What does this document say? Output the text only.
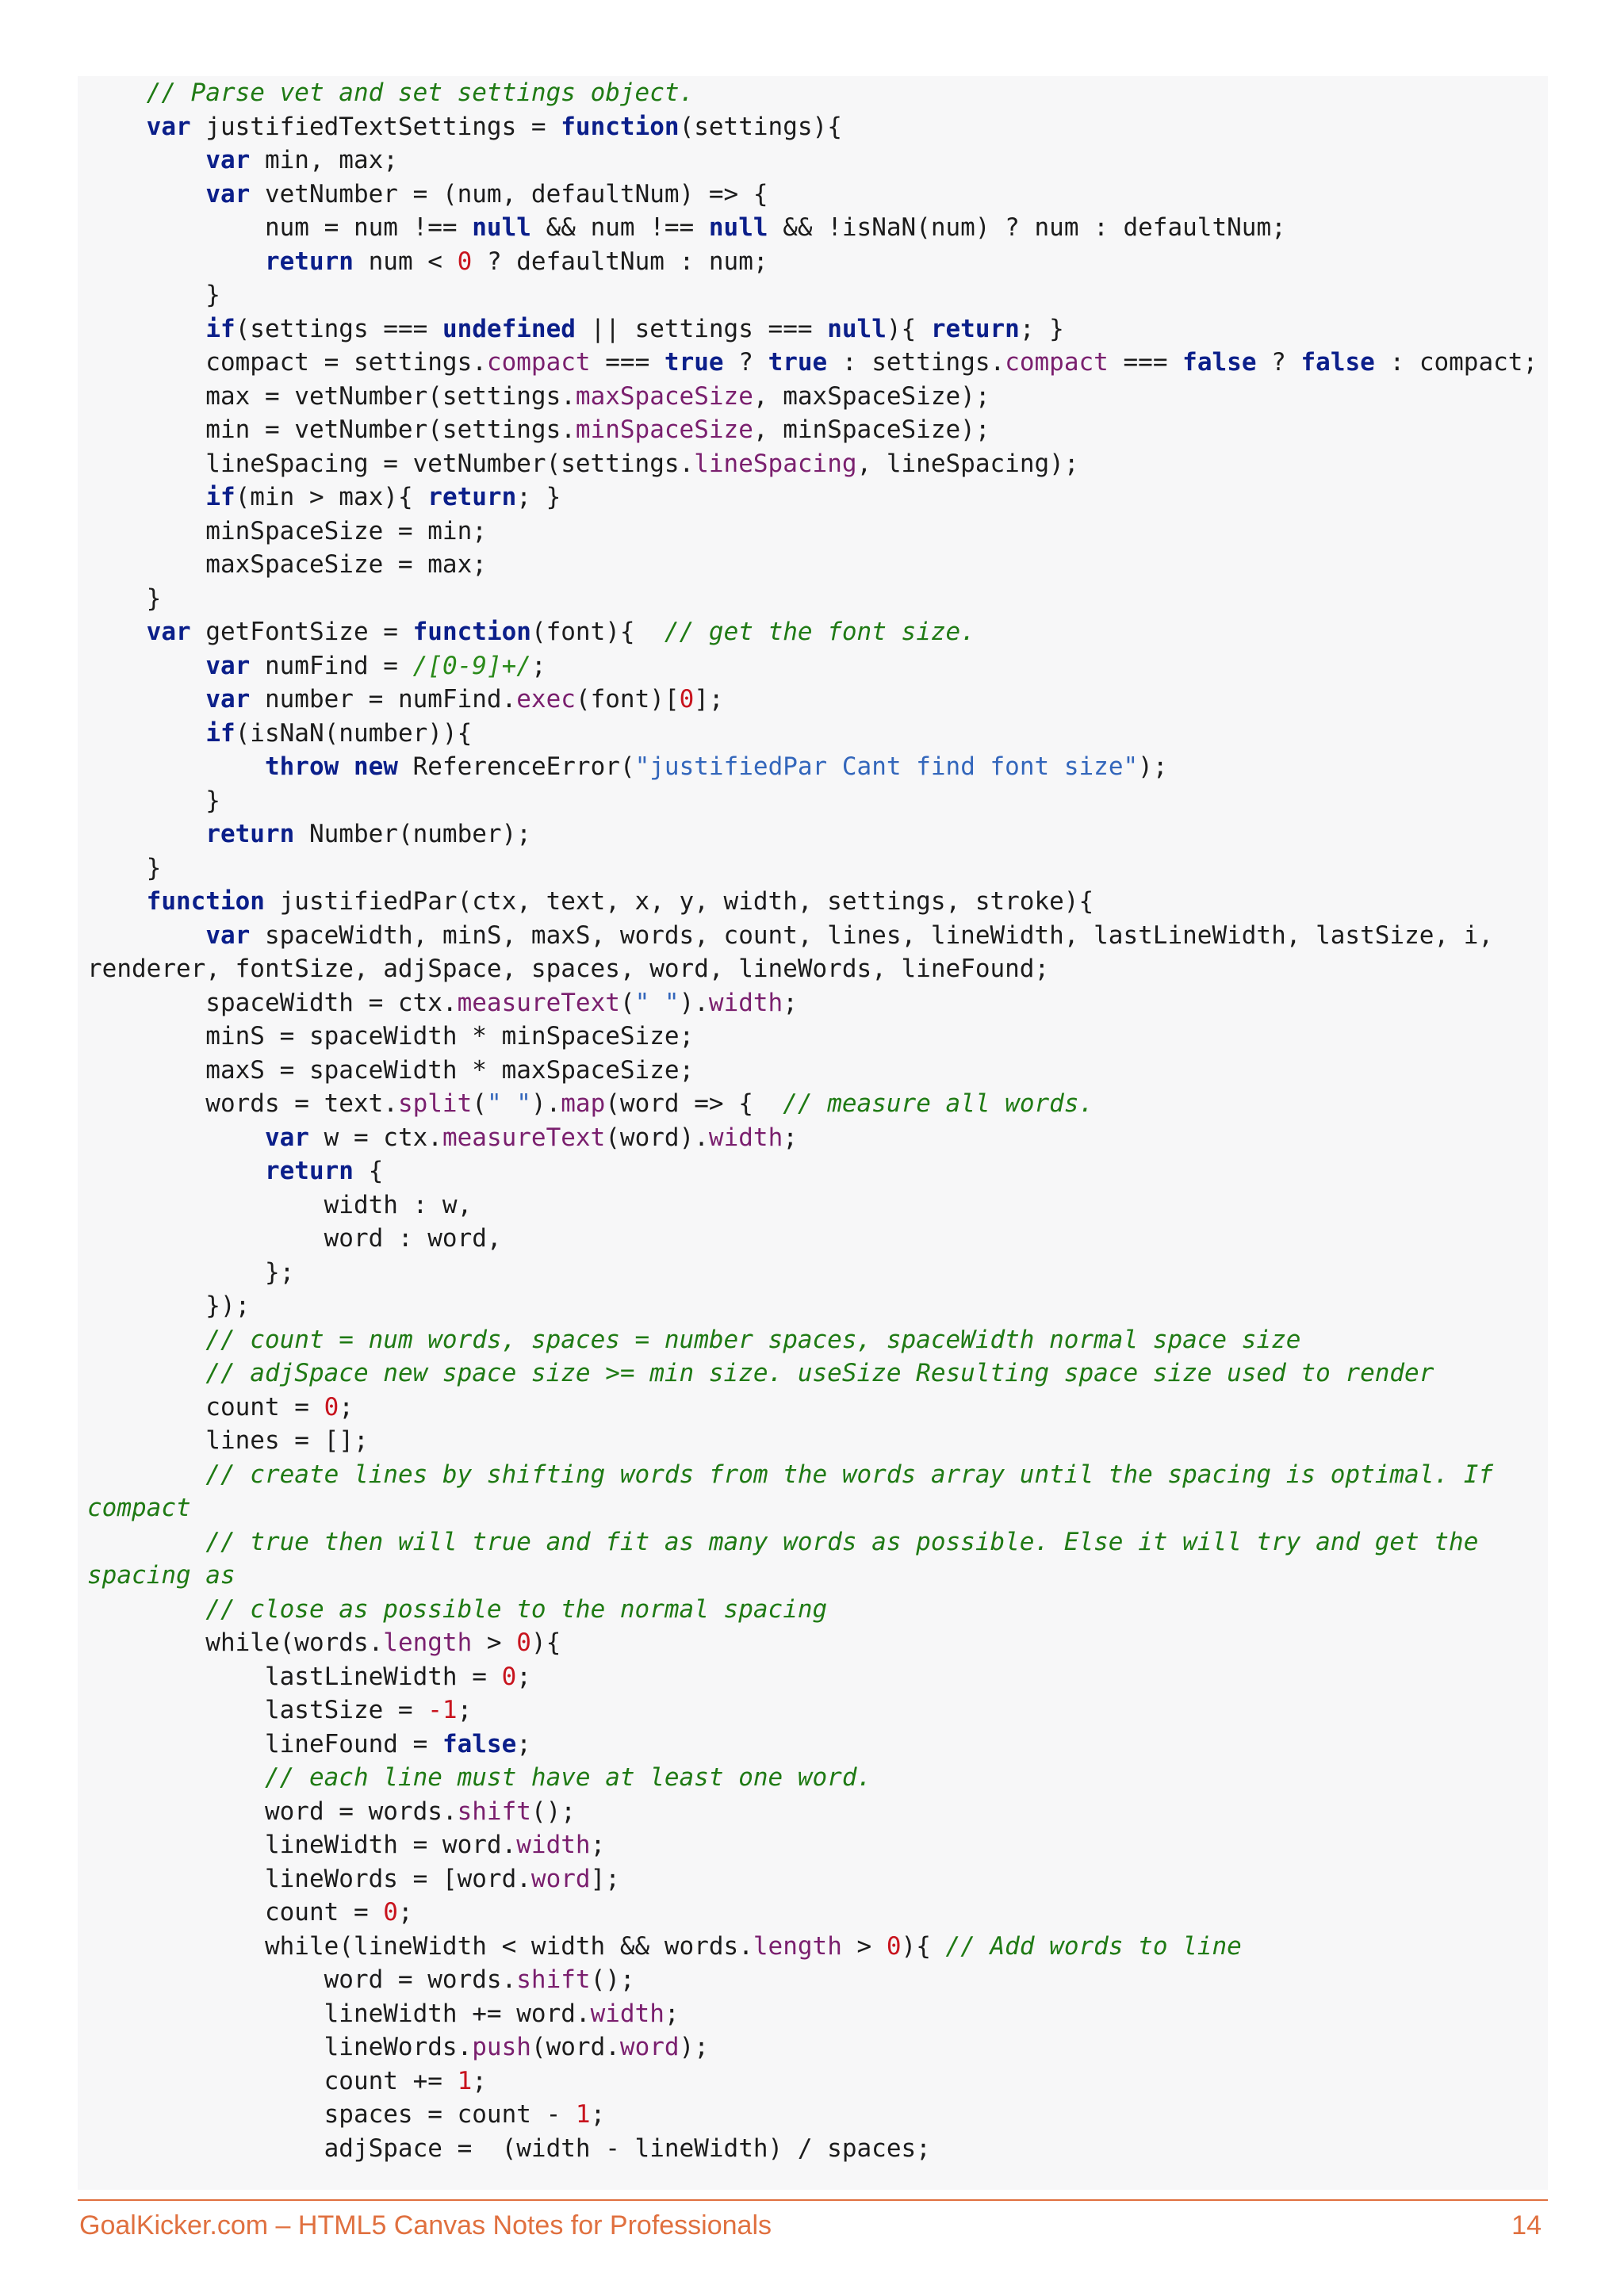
// Parse vet and set settings object.
var justifiedTextSettings = function(settings){
var min, max;
var vetNumber = (num, defaultNum) => {
num = num !== null && num !== null && !isNaN(num) ? num : defaultNum;
return num < 0 ? defaultNum : num;
}
if(settings === undefined || settings === null){ return; }
compact = settings.compact === true ? true : settings.compact === false ? false : compact;
max = vetNumber(settings.maxSpaceSize, maxSpaceSize);
min = vetNumber(settings.minSpaceSize, minSpaceSize);
lineSpacing = vetNumber(settings.lineSpacing, lineSpacing);
if(min > max){ return; }
minSpaceSize = min;
maxSpaceSize = max;
}
var getFontSize = function(font){  // get the font size.
var numFind = /[0-9]+/;
var number = numFind.exec(font)[0];
if(isNaN(number)){
throw new ReferenceError("justifiedPar Cant find font size");
}
return Number(number);
}
function justifiedPar(ctx, text, x, y, width, settings, stroke){
var spaceWidth, minS, maxS, words, count, lines, lineWidth, lastLineWidth, lastSize, i,
renderer, fontSize, adjSpace, spaces, word, lineWords, lineFound;
spaceWidth = ctx.measureText(" ").width;
minS = spaceWidth * minSpaceSize;
maxS = spaceWidth * maxSpaceSize;
words = text.split(" ").map(word => {  // measure all words.
var w = ctx.measureText(word).width;
return {
width : w,
word : word,
};
});
// count = num words, spaces = number spaces, spaceWidth normal space size
// adjSpace new space size >= min size. useSize Resulting space size used to render
count = 0;
lines = [];
// create lines by shifting words from the words array until the spacing is optimal. If
compact
// true then will true and fit as many words as possible. Else it will try and get the
spacing as
// close as possible to the normal spacing
while(words.length > 0){
lastLineWidth = 0;
lastSize = -1;
lineFound = false;
// each line must have at least one word.
word = words.shift();
lineWidth = word.width;
lineWords = [word.word];
count = 0;
while(lineWidth < width && words.length > 0){ // Add words to line
word = words.shift();
lineWidth += word.width;
lineWords.push(word.word);
count += 1;
spaces = count - 1;
adjSpace =  (width - lineWidth) / spaces;
GoalKicker.com – HTML5 Canvas Notes for Professionals	14
